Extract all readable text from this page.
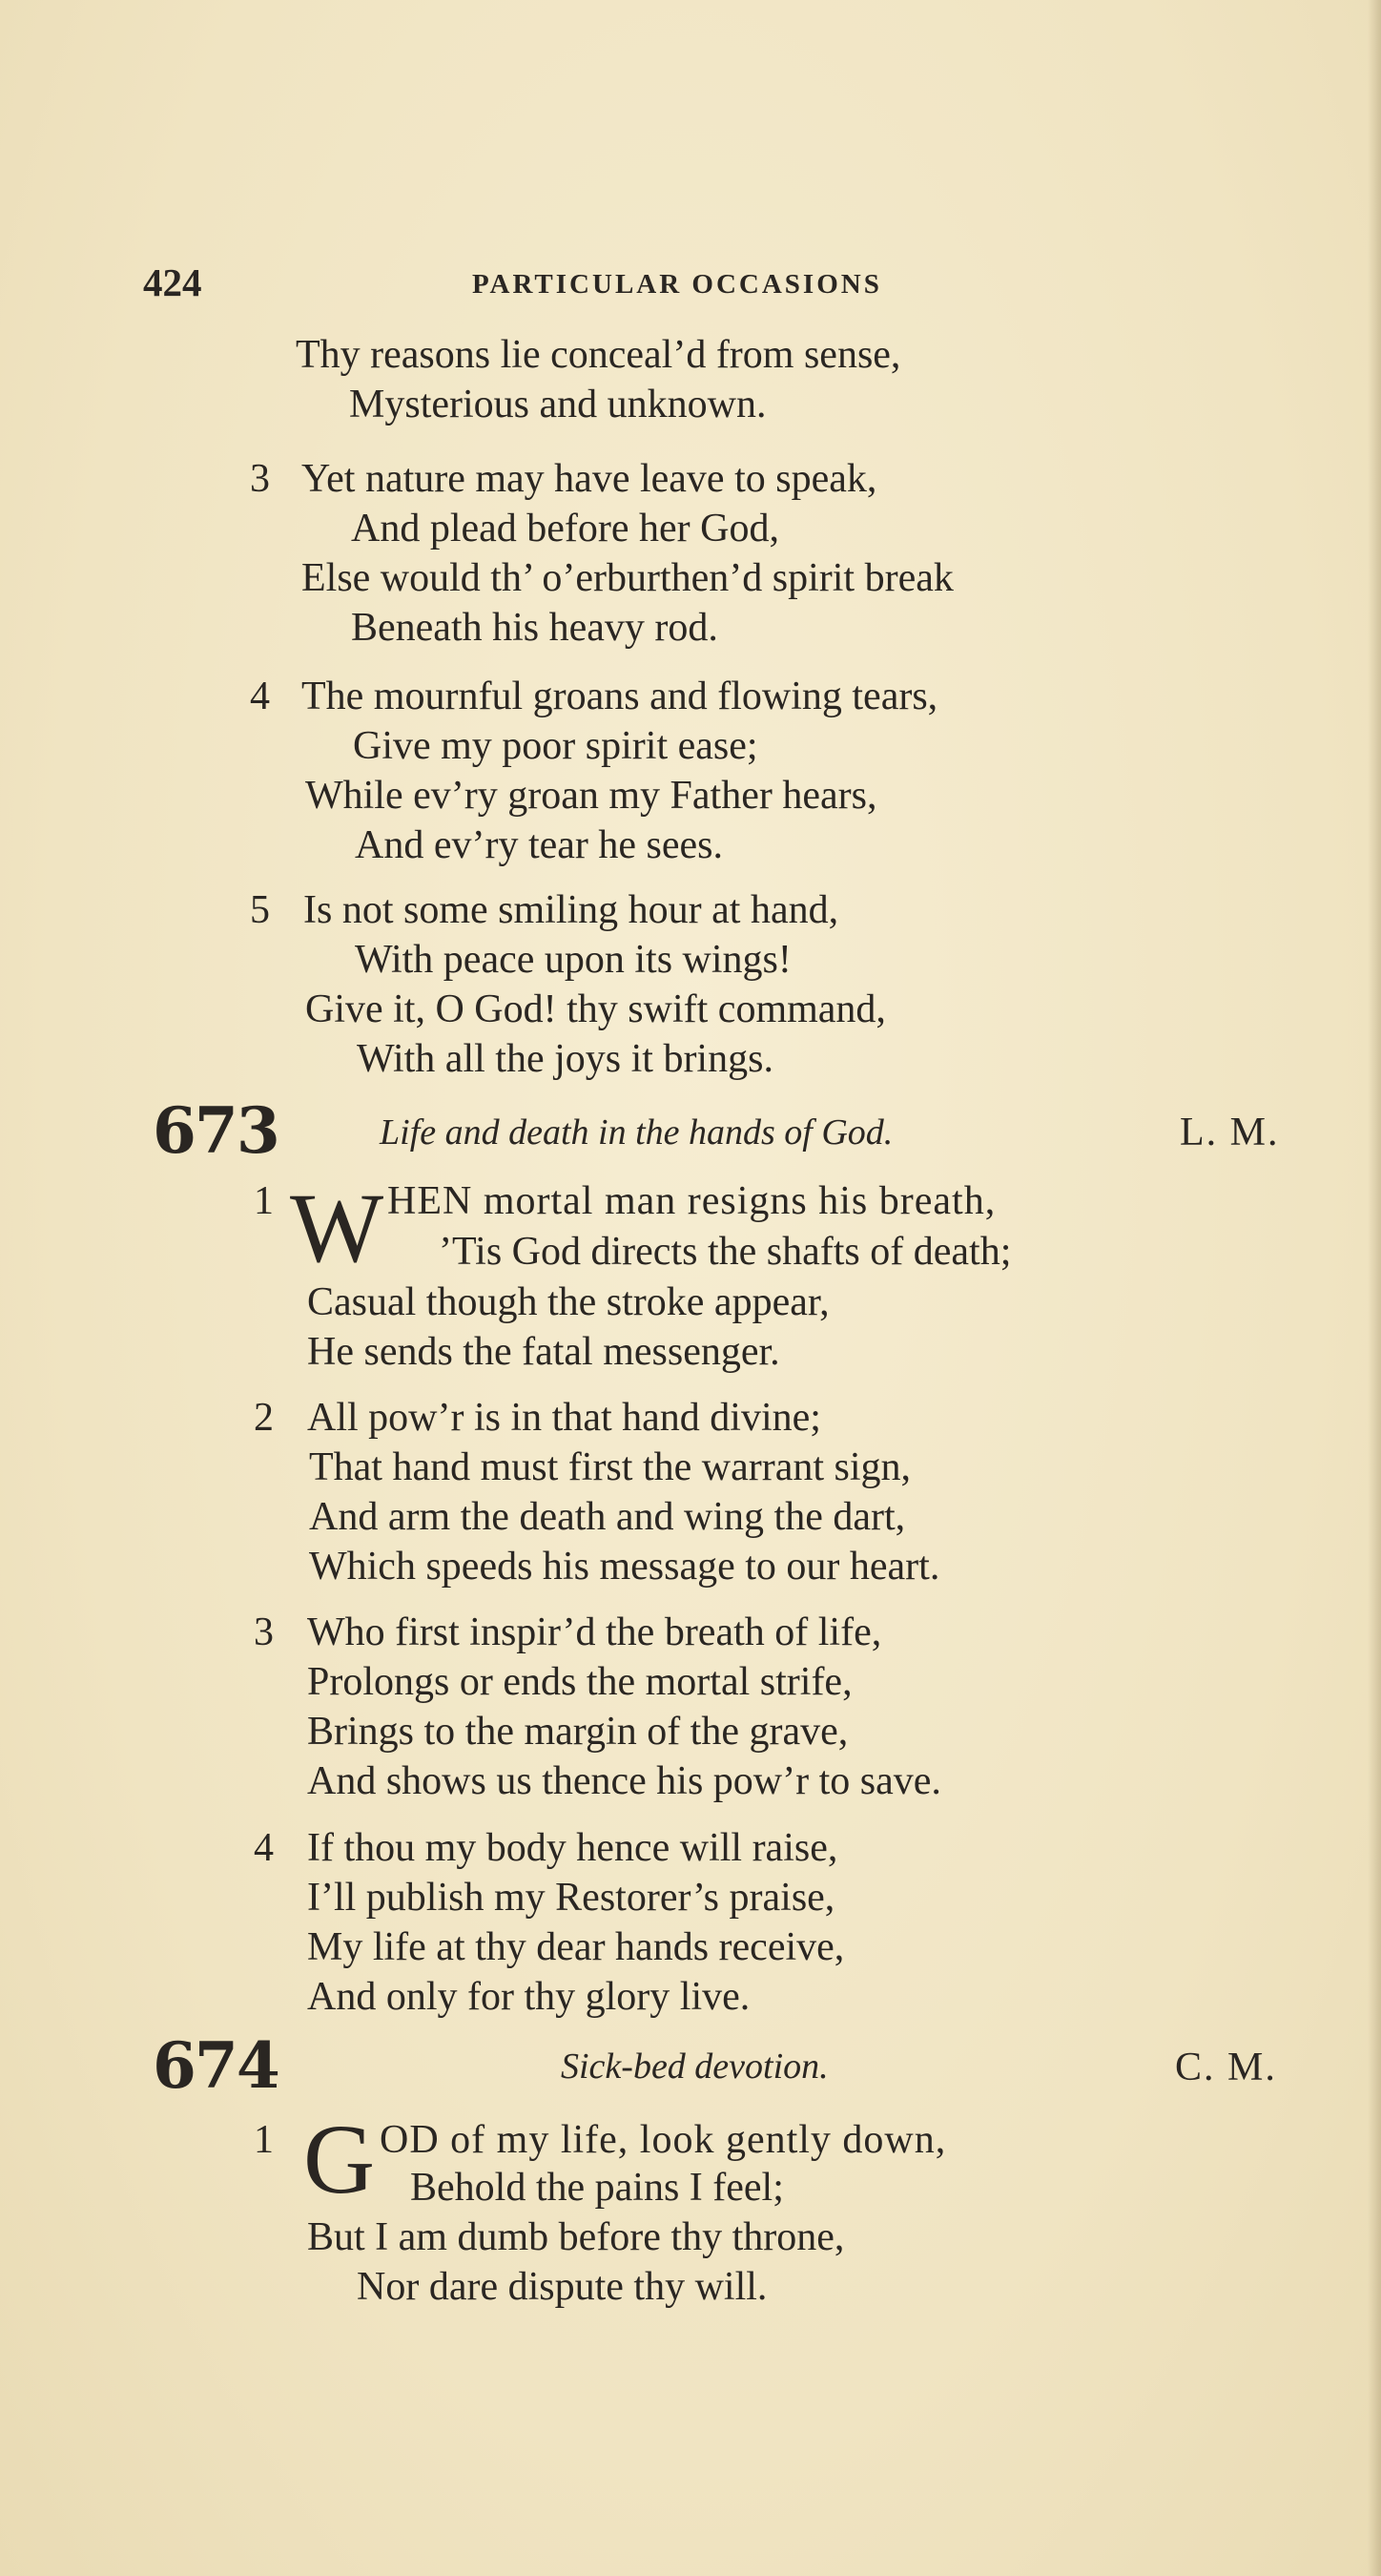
424	PARTICULAR OCCASIONS
Thy reasons lie conceal’d from sense,
Mysterious and unknown.
3 Yet nature may have leave to speak,
And plead before her God,
Else would th’ o’erburthen’d spirit break
Beneath his heavy rod.
4 The mournful groans and flowing tears,
Give my poor spirit ease;
While ev’ry groan my Father hears,
And ev’ry tear he sees.
5 Is not some smiling hour at hand,
With peace upon its wings!
Give it, O God! thy swift command,
With all the joys it brings.
673	Life and death in the hands of God.	L. M.
1 W HEN mortal man resigns his breath,
’Tis God directs the shafts of death;
Casual though the stroke appear,
He sends the fatal messenger.
2 All pow’r is in that hand divine;
That hand must first the warrant sign,
And arm the death and wing the dart,
Which speeds his message to our heart.
3 Who first inspir’d the breath of life,
Prolongs or ends the mortal strife,
Brings to the margin of the grave,
And shows us thence his pow’r to save.
4 If thou my body hence will raise,
I’ll publish my Restorer’s praise,
My life at thy dear hands receive,
And only for thy glory live.
674	Sick-bed devotion.	C. M.
1 G OD of my life, look gently down,
Behold the pains I feel;
But I am dumb before thy throne,
Nor dare dispute thy will.
